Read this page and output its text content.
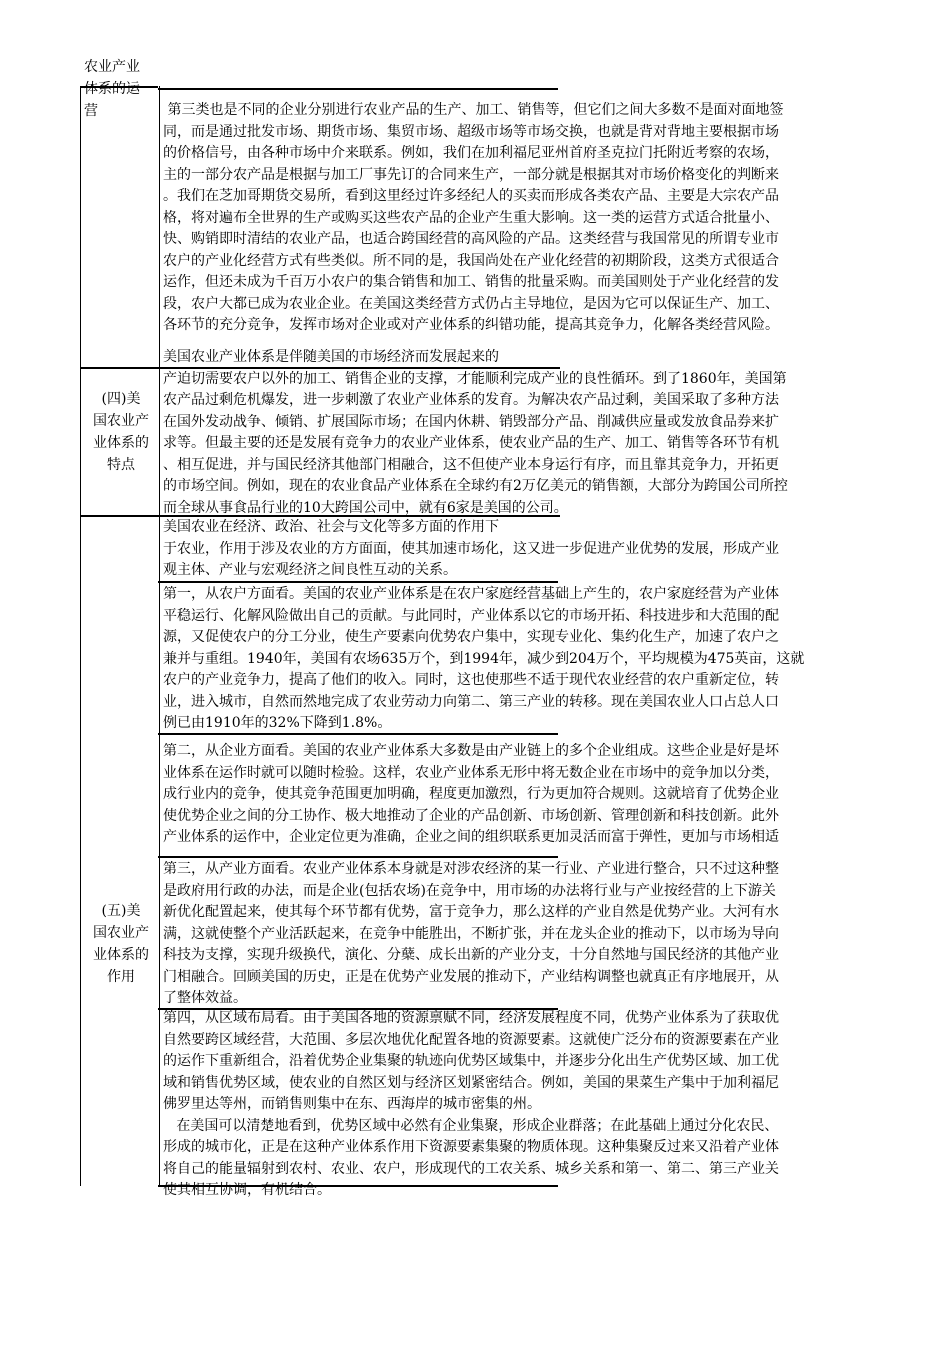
农业产业
体系的运
营
(四)美
国农业产
业体系的
特点
(五)美
国农业产
业体系的
作用
第三类也是不同的企业分别进行农业产品的生产、加工、销售等，但它们之间大多数不是面对面地签
同，而是通过批发市场、期货市场、集贸市场、超级市场等市场交换，也就是背对背地主要根据市场
的价格信号，由各种市场中介来联系。例如，我们在加利福尼亚州首府圣克拉门托附近考察的农场，
主的一部分农产品是根据与加工厂事先订的合同来生产，一部分就是根据其对市场价格变化的判断来
。我们在芝加哥期货交易所，看到这里经过许多经纪人的买卖而形成各类农产品、主要是大宗农产品
格，将对遍布全世界的生产或购买这些农产品的企业产生重大影响。这一类的运营方式适合批量小、
快、购销即时清结的农业产品，也适合跨国经营的高风险的产品。这类经营与我国常见的所谓专业市
农户的产业化经营方式有些类似。所不同的是，我国尚处在产业化经营的初期阶段，这类方式很适合
运作，但还未成为千百万小农户的集合销售和加工、销售的批量采购。而美国则处于产业化经营的发
段，农户大都已成为农业企业。在美国这类经营方式仍占主导地位，是因为它可以保证生产、加工、
各环节的充分竞争，发挥市场对企业或对产业体系的纠错功能，提高其竞争力，化解各类经营风险。
美国农业产业体系是伴随美国的市场经济而发展起来的
产迫切需要农户以外的加工、销售企业的支撑，才能顺利完成产业的良性循环。到了1860年，美国第
农产品过剩危机爆发，进一步刺激了农业产业体系的发育。为解决农产品过剩，美国采取了多种方法
在国外发动战争、倾销、扩展国际市场；在国内休耕、销毁部分产品、削减供应量或发放食品券来扩
求等。但最主要的还是发展有竞争力的农业产业体系，使农业产品的生产、加工、销售等各环节有机
、相互促进，并与国民经济其他部门相融合，这不但使产业本身运行有序，而且靠其竞争力，开拓更
的市场空间。例如，现在的农业食品产业体系在全球约有2万亿美元的销售额，大部分为跨国公司所控
而全球从事食品行业的10大跨国公司中，就有6家是美国的公司。
美国农业在经济、政治、社会与文化等多方面的作用下
于农业，作用于涉及农业的方方面面，使其加速市场化，这又进一步促进产业优势的发展，形成产业
观主体、产业与宏观经济之间良性互动的关系。
第一，从农户方面看。美国的农业产业体系是在农户家庭经营基础上产生的，农户家庭经营为产业体
平稳运行、化解风险做出自己的贡献。与此同时，产业体系以它的市场开拓、科技进步和大范围的配
源，又促使农户的分工分业，使生产要素向优势农户集中，实现专业化、集约化生产，加速了农户之
兼并与重组。1940年，美国有农场635万个，到1994年，减少到204万个，平均规模为475英亩，这就
农户的产业竞争力，提高了他们的收入。同时，这也使那些不适于现代农业经营的农户重新定位，转
业，进入城市，自然而然地完成了农业劳动力向第二、第三产业的转移。现在美国农业人口占总人口
例已由1910年的32%下降到1.8%。
第二，从企业方面看。美国的农业产业体系大多数是由产业链上的多个企业组成。这些企业是好是坏
业体系在运作时就可以随时检验。这样，农业产业体系无形中将无数企业在市场中的竞争加以分类，
成行业内的竞争，使其竞争范围更加明确，程度更加激烈，行为更加符合规则。这就培育了优势企业
使优势企业之间的分工协作、极大地推动了企业的产品创新、市场创新、管理创新和科技创新。此外
产业体系的运作中，企业定位更为准确，企业之间的组织联系更加灵活而富于弹性，更加与市场相适
第三，从产业方面看。农业产业体系本身就是对涉农经济的某一行业、产业进行整合，只不过这种整
是政府用行政的办法，而是企业(包括农场)在竞争中，用市场的办法将行业与产业按经营的上下游关
新优化配置起来，使其每个环节都有优势，富于竞争力，那么这样的产业自然是优势产业。大河有水
满，这就使整个产业活跃起来，在竞争中能胜出，不断扩张，并在龙头企业的推动下，以市场为导向
科技为支撑，实现升级换代，演化、分蘖、成长出新的产业分支，十分自然地与国民经济的其他产业
门相融合。回顾美国的历史，正是在优势产业发展的推动下，产业结构调整也就真正有序地展开，从
了整体效益。
第四，从区域布局看。由于美国各地的资源禀赋不同，经济发展程度不同，优势产业体系为了获取优
自然要跨区域经营，大范围、多层次地优化配置各地的资源要素。这就使广泛分布的资源要素在产业
的运作下重新组合，沿着优势企业集聚的轨迹向优势区域集中，并逐步分化出生产优势区域、加工优
域和销售优势区域，使农业的自然区划与经济区划紧密结合。例如，美国的果菜生产集中于加利福尼
佛罗里达等州，而销售则集中在东、西海岸的城市密集的州。
在美国可以清楚地看到，优势区域中必然有企业集聚，形成企业群落；在此基础上通过分化农民、
形成的城市化，正是在这种产业体系作用下资源要素集聚的物质体现。这种集聚反过来又沿着产业体
将自己的能量辐射到农村、农业、农户，形成现代的工农关系、城乡关系和第一、第二、第三产业关
使其相互协调，有机结合。
